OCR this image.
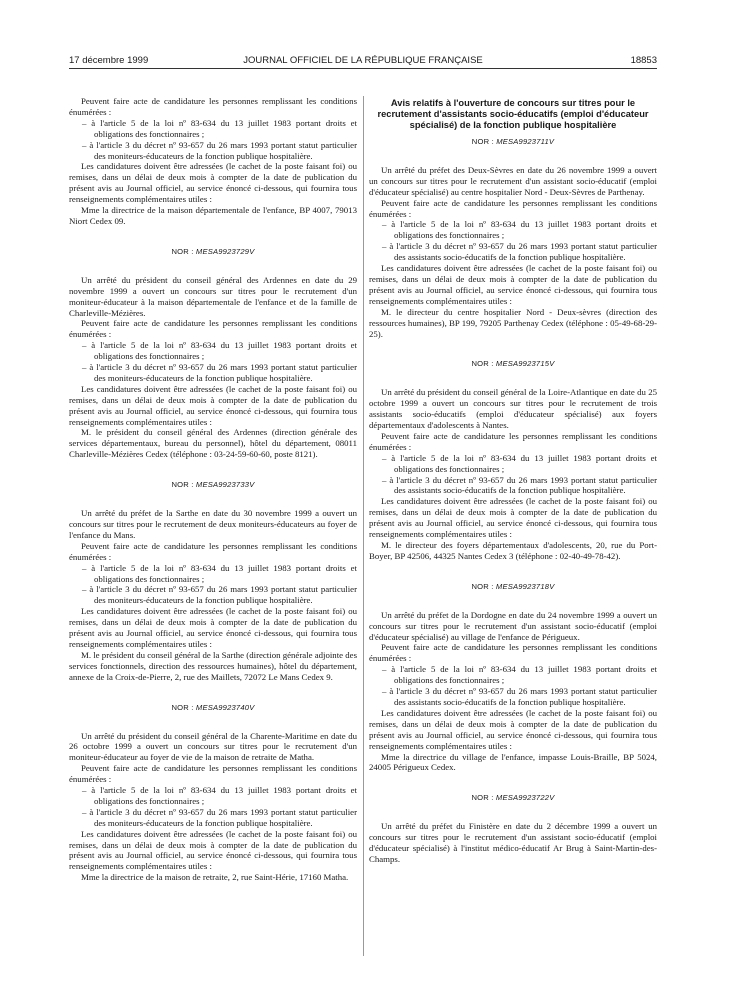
17 décembre 1999	JOURNAL OFFICIEL DE LA RÉPUBLIQUE FRANÇAISE	18853

Peuvent faire acte de candidature les personnes remplissant les conditions énumérées :

– à l'article 5 de la loi nº 83-634 du 13 juillet 1983 portant droits et obligations des fonctionnaires ;
– à l'article 3 du décret nº 93-657 du 26 mars 1993 portant statut particulier des moniteurs-éducateurs de la fonction publique hospitalière.

Les candidatures doivent être adressées (le cachet de la poste faisant foi) ou remises, dans un délai de deux mois à compter de la date de publication du présent avis au Journal officiel, au service énoncé ci-dessous, qui fournira tous renseignements complémentaires utiles :

Mme la directrice de la maison départementale de l'enfance, BP 4007, 79013 Niort Cedex 09.

NOR : MESA9923729V

Un arrêté du président du conseil général des Ardennes en date du 29 novembre 1999 a ouvert un concours sur titres pour le recrutement d'un moniteur-éducateur à la maison départementale de l'enfance et de la famille de Charleville-Mézières.

Peuvent faire acte de candidature les personnes remplissant les conditions énumérées :

– à l'article 5 de la loi nº 83-634 du 13 juillet 1983 portant droits et obligations des fonctionnaires ;
– à l'article 3 du décret nº 93-657 du 26 mars 1993 portant statut particulier des moniteurs-éducateurs de la fonction publique hospitalière.

Les candidatures doivent être adressées (le cachet de la poste faisant foi) ou remises, dans un délai de deux mois à compter de la date de publication du présent avis au Journal officiel, au service énoncé ci-dessous, qui fournira tous renseignements complémentaires utiles :

M. le président du conseil général des Ardennes (direction générale des services départementaux, bureau du personnel), hôtel du département, 08011 Charleville-Mézières Cedex (téléphone : 03-24-59-60-60, poste 8121).

NOR : MESA9923733V

Un arrêté du préfet de la Sarthe en date du 30 novembre 1999 a ouvert un concours sur titres pour le recrutement de deux moniteurs-éducateurs au foyer de l'enfance du Mans.

Peuvent faire acte de candidature les personnes remplissant les conditions énumérées :

– à l'article 5 de la loi nº 83-634 du 13 juillet 1983 portant droits et obligations des fonctionnaires ;
– à l'article 3 du décret nº 93-657 du 26 mars 1993 portant statut particulier des moniteurs-éducateurs de la fonction publique hospitalière.

Les candidatures doivent être adressées (le cachet de la poste faisant foi) ou remises, dans un délai de deux mois à compter de la date de publication du présent avis au Journal officiel, au service énoncé ci-dessous, qui fournira tous renseignements complémentaires utiles :

M. le président du conseil général de la Sarthe (direction générale adjointe des services fonctionnels, direction des ressources humaines), hôtel du département, annexe de la Croix-de-Pierre, 2, rue des Maillets, 72072 Le Mans Cedex 9.

NOR : MESA9923740V

Un arrêté du président du conseil général de la Charente-Maritime en date du 26 octobre 1999 a ouvert un concours sur titres pour le recrutement d'un moniteur-éducateur au foyer de vie de la maison de retraite de Matha.

Peuvent faire acte de candidature les personnes remplissant les conditions énumérées :

– à l'article 5 de la loi nº 83-634 du 13 juillet 1983 portant droits et obligations des fonctionnaires ;
– à l'article 3 du décret nº 93-657 du 26 mars 1993 portant statut particulier des moniteurs-éducateurs de la fonction publique hospitalière.

Les candidatures doivent être adressées (le cachet de la poste faisant foi) ou remises, dans un délai de deux mois à compter de la date de publication du présent avis au Journal officiel, au service énoncé ci-dessous, qui fournira tous renseignements complémentaires utiles :

Mme la directrice de la maison de retraite, 2, rue Saint-Hérie, 17160 Matha.

Avis relatifs à l'ouverture de concours sur titres pour le recrutement d'assistants socio-éducatifs (emploi d'éducateur spécialisé) de la fonction publique hospitalière
NOR : MESA9923711V

Un arrêté du préfet des Deux-Sèvres en date du 26 novembre 1999 a ouvert un concours sur titres pour le recrutement d'un assistant socio-éducatif (emploi d'éducateur spécialisé) au centre hospitalier Nord - Deux-Sèvres de Parthenay.

Peuvent faire acte de candidature les personnes remplissant les conditions énumérées :

– à l'article 5 de la loi nº 83-634 du 13 juillet 1983 portant droits et obligations des fonctionnaires ;
– à l'article 3 du décret nº 93-657 du 26 mars 1993 portant statut particulier des assistants socio-éducatifs de la fonction publique hospitalière.

Les candidatures doivent être adressées (le cachet de la poste faisant foi) ou remises, dans un délai de deux mois à compter de la date de publication du présent avis au Journal officiel, au service énoncé ci-dessous, qui fournira tous renseignements complémentaires utiles :

M. le directeur du centre hospitalier Nord - Deux-sèvres (direction des ressources humaines), BP 199, 79205 Parthenay Cedex (téléphone : 05-49-68-29-25).

NOR : MESA9923715V

Un arrêté du président du conseil général de la Loire-Atlantique en date du 25 octobre 1999 a ouvert un concours sur titres pour le recrutement de trois assistants socio-éducatifs (emploi d'éducateur spécialisé) aux foyers départementaux d'adolescents à Nantes.

Peuvent faire acte de candidature les personnes remplissant les conditions énumérées :

– à l'article 5 de la loi nº 83-634 du 13 juillet 1983 portant droits et obligations des fonctionnaires ;
– à l'article 3 du décret nº 93-657 du 26 mars 1993 portant statut particulier des assistants socio-éducatifs de la fonction publique hospitalière.

Les candidatures doivent être adressées (le cachet de la poste faisant foi) ou remises, dans un délai de deux mois à compter de la date de publication du présent avis au Journal officiel, au service énoncé ci-dessous, qui fournira tous renseignements complémentaires utiles :

M. le directeur des foyers départementaux d'adolescents, 20, rue du Port-Boyer, BP 42506, 44325 Nantes Cedex 3 (téléphone : 02-40-49-78-42).

NOR : MESA9923718V

Un arrêté du préfet de la Dordogne en date du 24 novembre 1999 a ouvert un concours sur titres pour le recrutement d'un assistant socio-éducatif (emploi d'éducateur spécialisé) au village de l'enfance de Périgueux.

Peuvent faire acte de candidature les personnes remplissant les conditions énumérées :

– à l'article 5 de la loi nº 83-634 du 13 juillet 1983 portant droits et obligations des fonctionnaires ;
– à l'article 3 du décret nº 93-657 du 26 mars 1993 portant statut particulier des assistants socio-éducatifs de la fonction publique hospitalière.

Les candidatures doivent être adressées (le cachet de la poste faisant foi) ou remises, dans un délai de deux mois à compter de la date de publication du présent avis au Journal officiel, au service énoncé ci-dessous, qui fournira tous renseignements complémentaires utiles :

Mme la directrice du village de l'enfance, impasse Louis-Braille, BP 5024, 24005 Périgueux Cedex.

NOR : MESA9923722V

Un arrêté du préfet du Finistère en date du 2 décembre 1999 a ouvert un concours sur titres pour le recrutement d'un assistant socio-éducatif (emploi d'éducateur spécialisé) à l'institut médico-éducatif Ar Brug à Saint-Martin-des-Champs.
